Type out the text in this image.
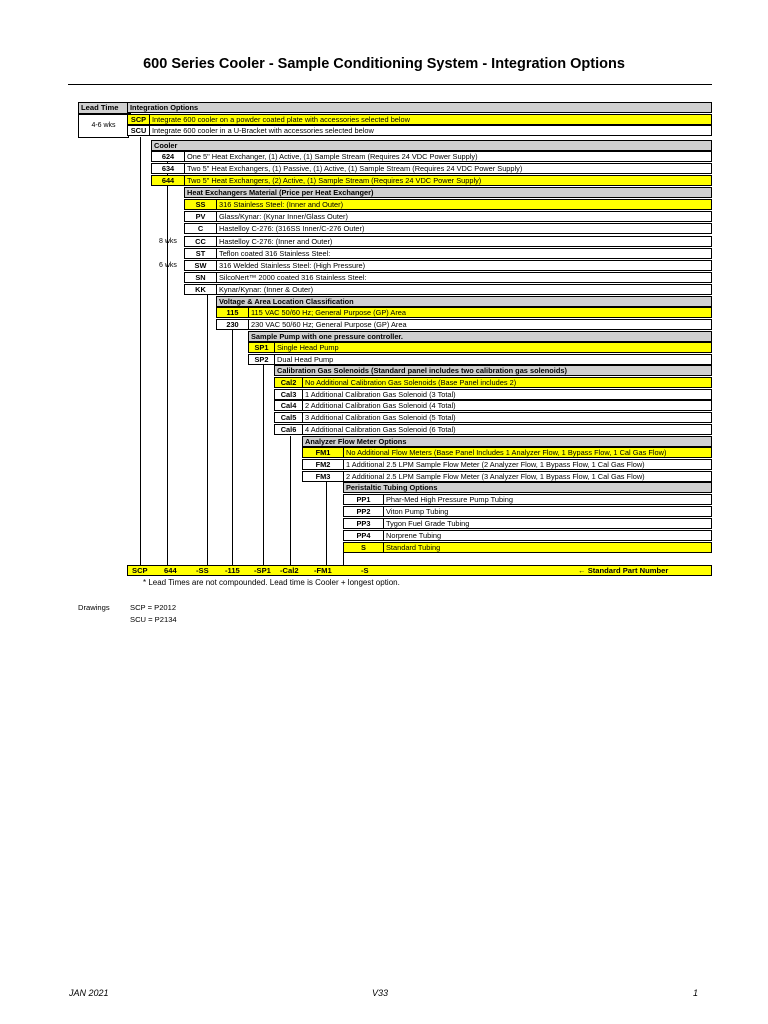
600 Series Cooler - Sample Conditioning System - Integration Options
Lead Time
4-6 wks
8 wks
6 wks
Integration Options
SCP Integrate 600 cooler on a powder coated plate with accessories selected below
SCU Integrate 600 cooler in a U-Bracket with accessories selected below
Cooler
624	One 5" Heat Exchanger, (1) Active, (1) Sample Stream (Requires 24 VDC Power Supply)
634	Two 5" Heat Exchangers, (1) Passive, (1) Active, (1) Sample Stream (Requires 24 VDC Power Supply)
644	Two 5" Heat Exchangers, (2) Active, (1) Sample Stream (Requires 24 VDC Power Supply)
Heat Exchangers Material (Price per Heat Exchanger)
SS	316 Stainless Steel: (Inner and Outer)
PV	Glass/Kynar: (Kynar Inner/Glass Outer)
C	Hastelloy C-276: (316SS Inner/C-276 Outer)
CC	Hastelloy C-276: (Inner and Outer)
ST	Teflon coated 316 Stainless Steel:
SW	316 Welded Stainless Steel: (High Pressure)
SN	SilcoNert™ 2000 coated 316 Stainless Steel:
KK	Kynar/Kynar: (Inner & Outer)
Voltage & Area Location Classification
115	115 VAC 50/60 Hz; General Purpose (GP) Area
230	230 VAC 50/60 Hz; General Purpose (GP) Area
Sample Pump with one pressure controller.
SP1	Single Head Pump
SP2	Dual Head Pump
Calibration Gas Solenoids (Standard panel includes two calibration gas solenoids)
Cal2	No Additional Calibration Gas Solenoids (Base Panel includes 2)
Cal3	1 Additional Calibration Gas Solenoid (3 Total)
Cal4	2 Additional Calibration Gas Solenoid (4 Total)
Cal5	3 Additional Calibration Gas Solenoid (5 Total)
Cal6	4 Additional Calibration Gas Solenoid (6 Total)
Analyzer Flow Meter Options
FM1	No Additional Flow Meters (Base Panel Includes 1 Analyzer Flow, 1 Bypass Flow, 1 Cal Gas Flow)
FM2	1 Additional 2.5 LPM Sample Flow Meter (2 Analyzer Flow, 1 Bypass Flow, 1 Cal Gas Flow)
FM3	2 Additional 2.5 LPM Sample Flow Meter (3 Analyzer Flow, 1 Bypass Flow, 1 Cal Gas Flow)
Peristaltic Tubing Options
PP1	Phar-Med High Pressure Pump Tubing
PP2	Viton Pump Tubing
PP3	Tygon Fuel Grade Tubing
PP4	Norprene Tubing
S	Standard Tubing
SCP 644	-SS -115 -SP1 -Cal2 -FM1	-S	← Standard Part Number
* Lead Times are not compounded. Lead time is Cooler + longest option.
Drawings	SCP = P2012
SCU = P2134
JAN 2021	V33	1
